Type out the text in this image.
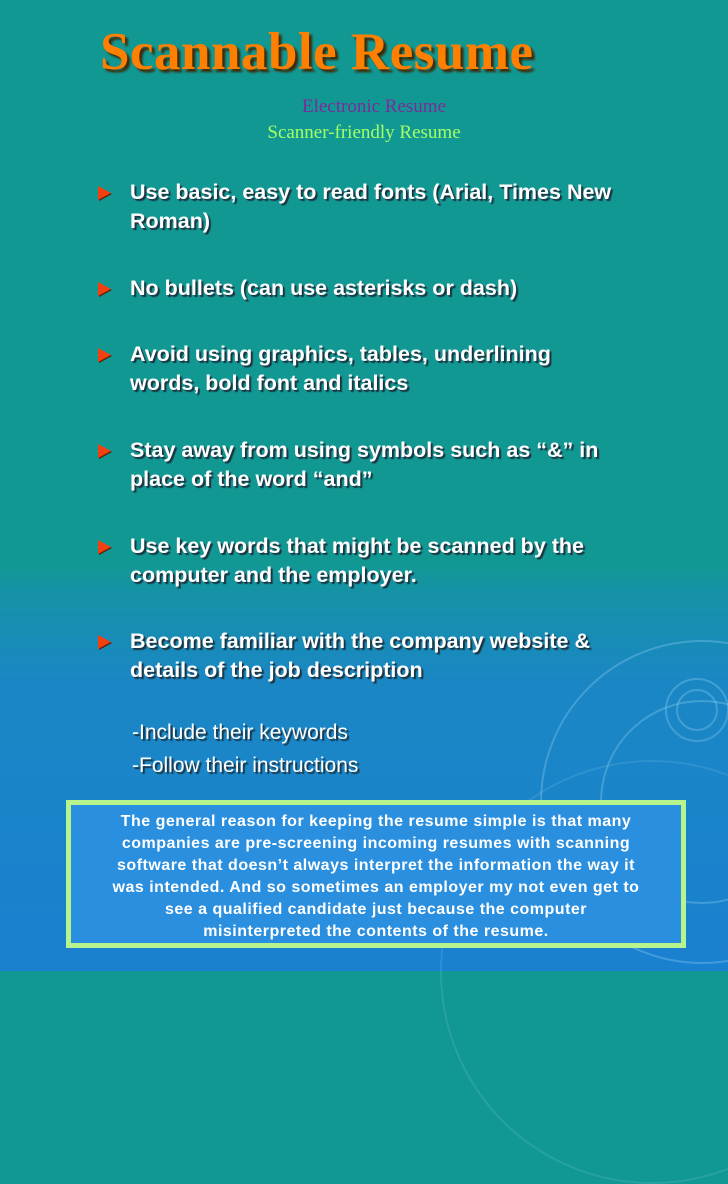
Scannable Resume
Electronic Resume
Scanner-friendly Resume
Use basic, easy to read fonts (Arial, Times New
Roman)
No bullets (can use asterisks or dash)
Avoid using graphics, tables, underlining
words, bold font and italics
Stay away from using symbols such as “&” in
place of the word “and”
Use key words that might be scanned by the
computer and the employer.
Become familiar with the company website &
details of the job description
-Include their keywords
-Follow their instructions
The general reason for keeping the resume simple is that many
companies are pre-screening incoming resumes with scanning
software that doesn’t always interpret the information the way it
was intended. And so sometimes an employer my not even get to
see a qualified candidate just because the computer
misinterpreted the contents of the resume.
